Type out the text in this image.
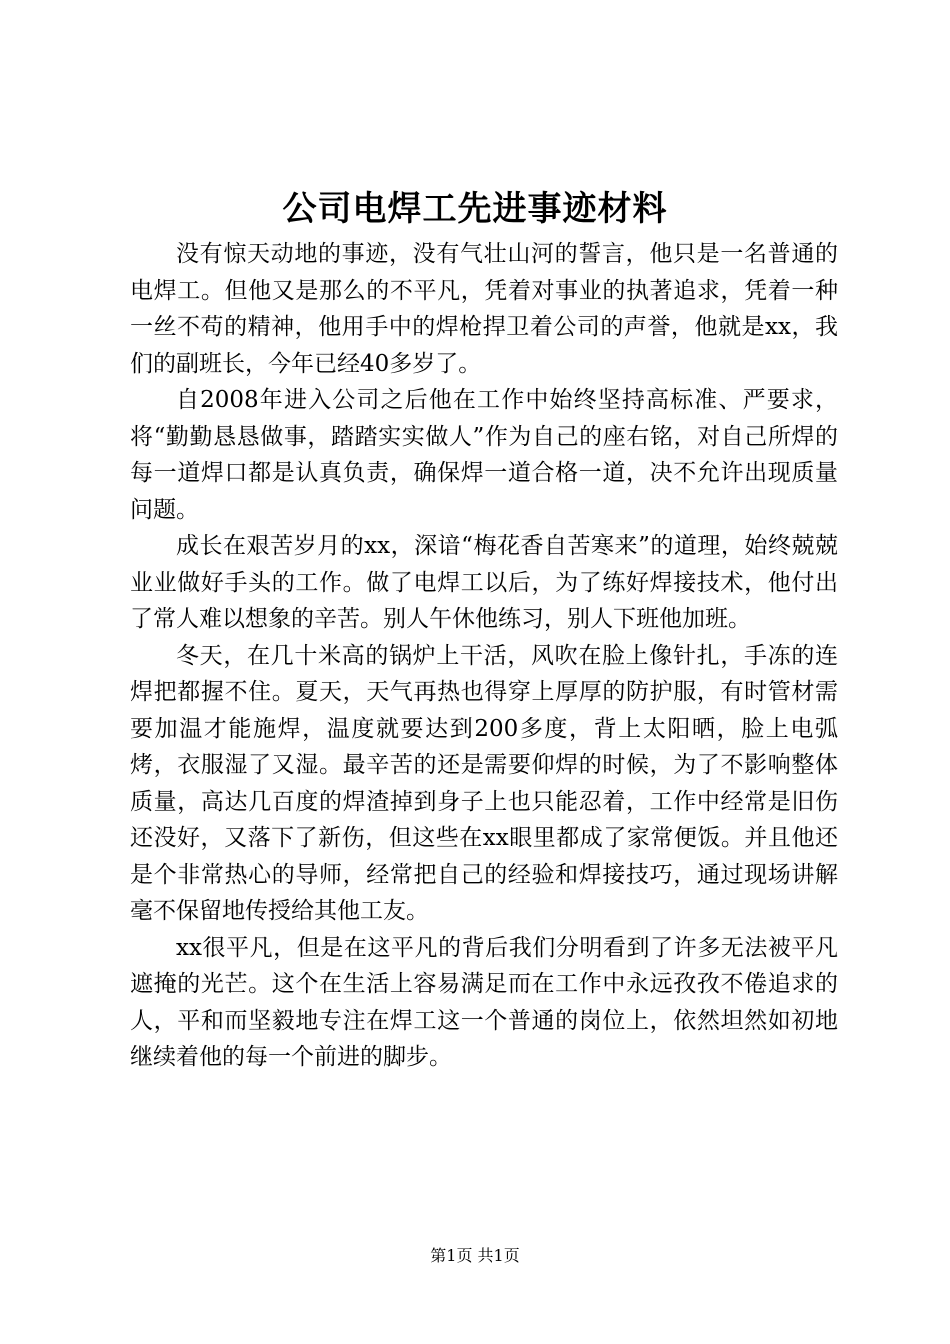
公司电焊工先进事迹材料

没有惊天动地的事迹，没有气壮山河的誓言，他只是一名普通的电焊工。但他又是那么的不平凡，凭着对事业的执著追求，凭着一种一丝不苟的精神，他用手中的焊枪捍卫着公司的声誉，他就是xx，我们的副班长，今年已经40多岁了。

自2008年进入公司之后他在工作中始终坚持高标准、严要求，将“勤勤恳恳做事，踏踏实实做人”作为自己的座右铭，对自己所焊的每一道焊口都是认真负责，确保焊一道合格一道，决不允许出现质量问题。

成长在艰苦岁月的xx，深谙“梅花香自苦寒来”的道理，始终兢兢业业做好手头的工作。做了电焊工以后，为了练好焊接技术，他付出了常人难以想象的辛苦。别人午休他练习，别人下班他加班。

冬天，在几十米高的锅炉上干活，风吹在脸上像针扎，手冻的连焊把都握不住。夏天，天气再热也得穿上厚厚的防护服，有时管材需要加温才能施焊，温度就要达到200多度，背上太阳晒，脸上电弧烤，衣服湿了又湿。最辛苦的还是需要仰焊的时候，为了不影响整体质量，高达几百度的焊渣掉到身子上也只能忍着，工作中经常是旧伤还没好，又落下了新伤，但这些在xx眼里都成了家常便饭。并且他还是个非常热心的导师，经常把自己的经验和焊接技巧，通过现场讲解毫不保留地传授给其他工友。

xx很平凡，但是在这平凡的背后我们分明看到了许多无法被平凡遮掩的光芒。这个在生活上容易满足而在工作中永远孜孜不倦追求的人，平和而坚毅地专注在焊工这一个普通的岗位上，依然坦然如初地继续着他的每一个前进的脚步。

第1页 共1页
